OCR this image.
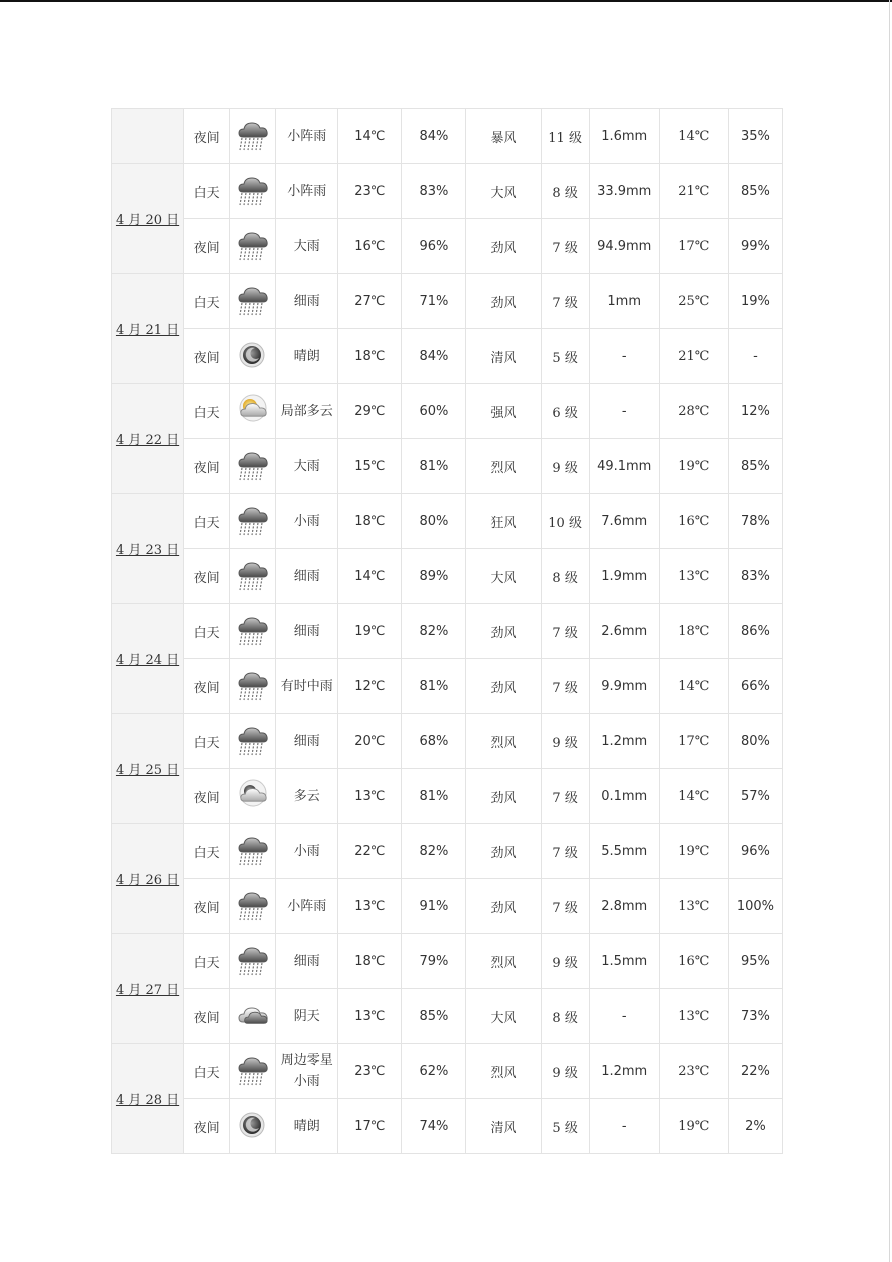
	夜间		小阵雨	14℃	84%	暴风	11 级	1.6mm	14℃	35%
4 月 20 日	白天		小阵雨	23℃	83%	大风	8 级	33.9mm	21℃	85%
	夜间		大雨	16℃	96%	劲风	7 级	94.9mm	17℃	99%
4 月 21 日	白天		细雨	27℃	71%	劲风	7 级	1mm	25℃	19%
	夜间		晴朗	18℃	84%	清风	5 级	-	21℃	-
4 月 22 日	白天		局部多云	29℃	60%	强风	6 级	-	28℃	12%
	夜间		大雨	15℃	81%	烈风	9 级	49.1mm	19℃	85%
4 月 23 日	白天		小雨	18℃	80%	狂风	10 级	7.6mm	16℃	78%
	夜间		细雨	14℃	89%	大风	8 级	1.9mm	13℃	83%
4 月 24 日	白天		细雨	19℃	82%	劲风	7 级	2.6mm	18℃	86%
	夜间		有时中雨	12℃	81%	劲风	7 级	9.9mm	14℃	66%
4 月 25 日	白天		细雨	20℃	68%	烈风	9 级	1.2mm	17℃	80%
	夜间		多云	13℃	81%	劲风	7 级	0.1mm	14℃	57%
4 月 26 日	白天		小雨	22℃	82%	劲风	7 级	5.5mm	19℃	96%
	夜间		小阵雨	13℃	91%	劲风	7 级	2.8mm	13℃	100%
4 月 27 日	白天		细雨	18℃	79%	烈风	9 级	1.5mm	16℃	95%
	夜间		阴天	13℃	85%	大风	8 级	-	13℃	73%
4 月 28 日	白天		周边零星小雨	23℃	62%	烈风	9 级	1.2mm	23℃	22%
	夜间		晴朗	17℃	74%	清风	5 级	-	19℃	2%
